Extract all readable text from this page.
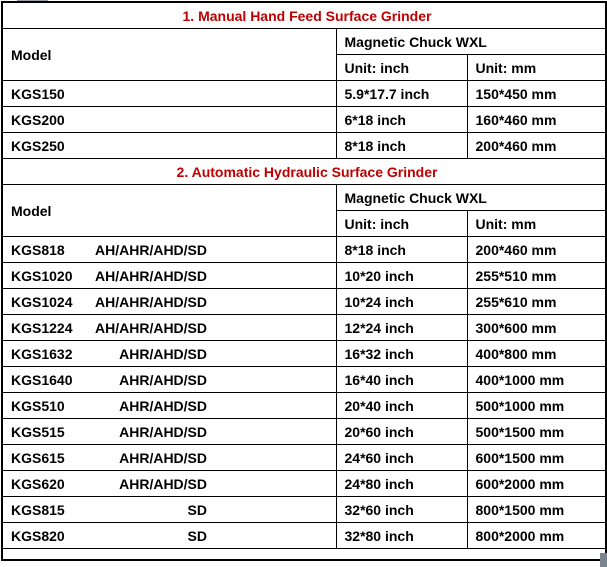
1. Manual Hand Feed Surface Grinder		
Model	Magnetic Chuck WXL	
	Unit: inch	Unit: mm

KGS150	5.9*17.7 inch	150*450 mm

KGS200	6*18 inch	160*460 mm

KGS250	8*18 inch	200*460 mm
2. Automatic Hydraulic Surface Grinder		
Model	Magnetic Chuck WXL	
	Unit: inch	Unit: mm

KGS818 AH/AHR/AHD/SD	8*18 inch	200*460 mm

KGS1020 AH/AHR/AHD/SD	10*20 inch	255*510 mm

KGS1024 AH/AHR/AHD/SD	10*24 inch	255*610 mm

KGS1224 AH/AHR/AHD/SD	12*24 inch	300*600 mm

KGS1632 AHR/AHD/SD	16*32 inch	400*800 mm

KGS1640 AHR/AHD/SD	16*40 inch	400*1000 mm

KGS510 AHR/AHD/SD	20*40 inch	500*1000 mm

KGS515 AHR/AHD/SD	20*60 inch	500*1500 mm

KGS615 AHR/AHD/SD	24*60 inch	600*1500 mm

KGS620 AHR/AHD/SD	24*80 inch	600*2000 mm

KGS815 SD	32*60 inch	800*1500 mm

KGS820 SD	32*80 inch	800*2000 mm
